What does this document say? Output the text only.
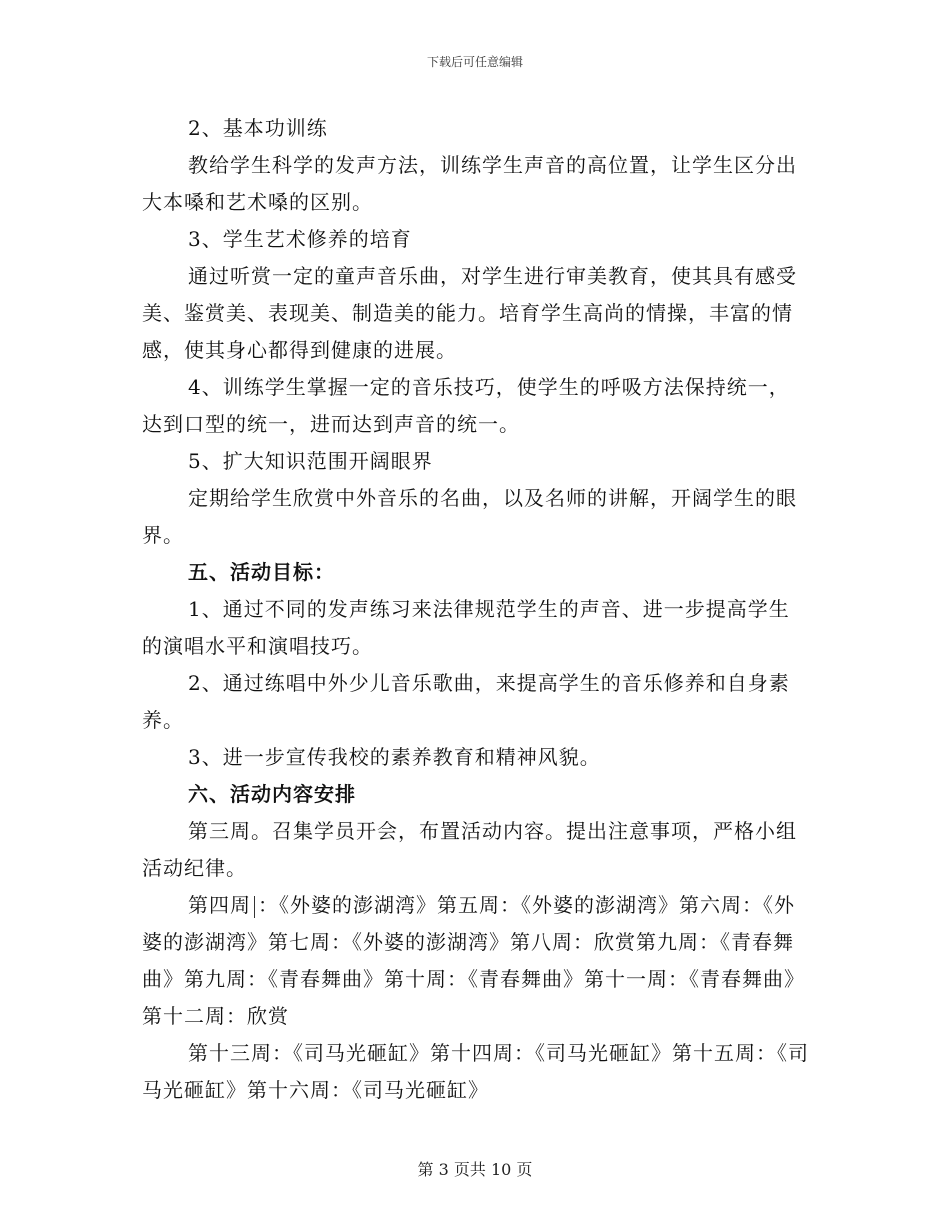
下载后可任意编辑

2、基本功训练

教给学生科学的发声方法，训练学生声音的高位置，让学生区分出大本嗓和艺术嗓的区别。

3、学生艺术修养的培育

通过听赏一定的童声音乐曲，对学生进行审美教育，使其具有感受美、鉴赏美、表现美、制造美的能力。培育学生高尚的情操，丰富的情感，使其身心都得到健康的进展。

4、训练学生掌握一定的音乐技巧，使学生的呼吸方法保持统一，达到口型的统一，进而达到声音的统一。

5、扩大知识范围开阔眼界

定期给学生欣赏中外音乐的名曲，以及名师的讲解，开阔学生的眼界。

五、活动目标：

1、通过不同的发声练习来法律规范学生的声音、进一步提高学生的演唱水平和演唱技巧。

2、通过练唱中外少儿音乐歌曲，来提高学生的音乐修养和自身素养。

3、进一步宣传我校的素养教育和精神风貌。

六、活动内容安排

第三周。召集学员开会，布置活动内容。提出注意事项，严格小组活动纪律。

第四周 ：《外婆的澎湖湾》第五周：《外婆的澎湖湾》第六周：《外婆的澎湖湾》第七周：《外婆的澎湖湾》第八周：欣赏第九周：《青春舞曲》第九周：《青春舞曲》第十周：《青春舞曲》第十一周：《青春舞曲》第十二周：欣赏

第十三周：《司马光砸缸》第十四周：《司马光砸缸》第十五周：《司马光砸缸》第十六周：《司马光砸缸》

第 3 页共 10 页
